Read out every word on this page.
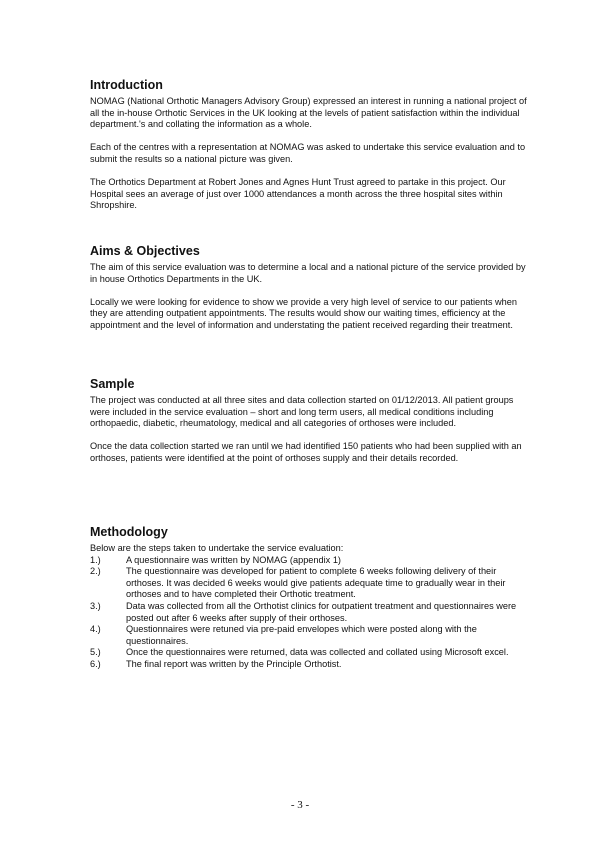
Introduction

NOMAG (National Orthotic Managers Advisory Group) expressed an interest in running a national project of all the in-house Orthotic Services in the UK looking at the levels of patient satisfaction within the individual department.'s and collating the information as a whole.

Each of the centres with a representation at NOMAG was asked to undertake this service evaluation and to submit the results so a national picture was given.

The Orthotics Department at Robert Jones and Agnes Hunt Trust agreed to partake in this project. Our Hospital sees an average of just over 1000 attendances a month across the three hospital sites within Shropshire.

Aims & Objectives

The aim of this service evaluation was to determine a local and a national picture of the service provided by in house Orthotics Departments in the UK.

Locally we were looking for evidence to show we provide a very high level of service to our patients when they are attending outpatient appointments. The results would show our waiting times, efficiency at the appointment and the level of information and understating the patient received regarding their treatment.

Sample

The project was conducted at all three sites and data collection started on 01/12/2013. All patient groups were included in the service evaluation – short and long term users, all medical conditions including orthopaedic, diabetic, rheumatology, medical and all categories of orthoses were included.

Once the data collection started we ran until we had identified 150 patients who had been supplied with an orthoses, patients were identified at the point of orthoses supply and their details recorded.

Methodology

Below are the steps taken to undertake the service evaluation:

1.)	A questionnaire was written by NOMAG (appendix 1)
2.)	The questionnaire was developed for patient to complete 6 weeks following delivery of their orthoses. It was decided 6 weeks would give patients adequate time to gradually wear in their orthoses and to have completed their Orthotic treatment.
3.)	Data was collected from all the Orthotist clinics for outpatient treatment and questionnaires were posted out after 6 weeks after supply of their orthoses.
4.)	Questionnaires were retuned via pre-paid envelopes which were posted along with the questionnaires.
5.)	Once the questionnaires were returned, data was collected and collated using Microsoft excel.
6.)	The final report was written by the Principle Orthotist.
- 3 -
